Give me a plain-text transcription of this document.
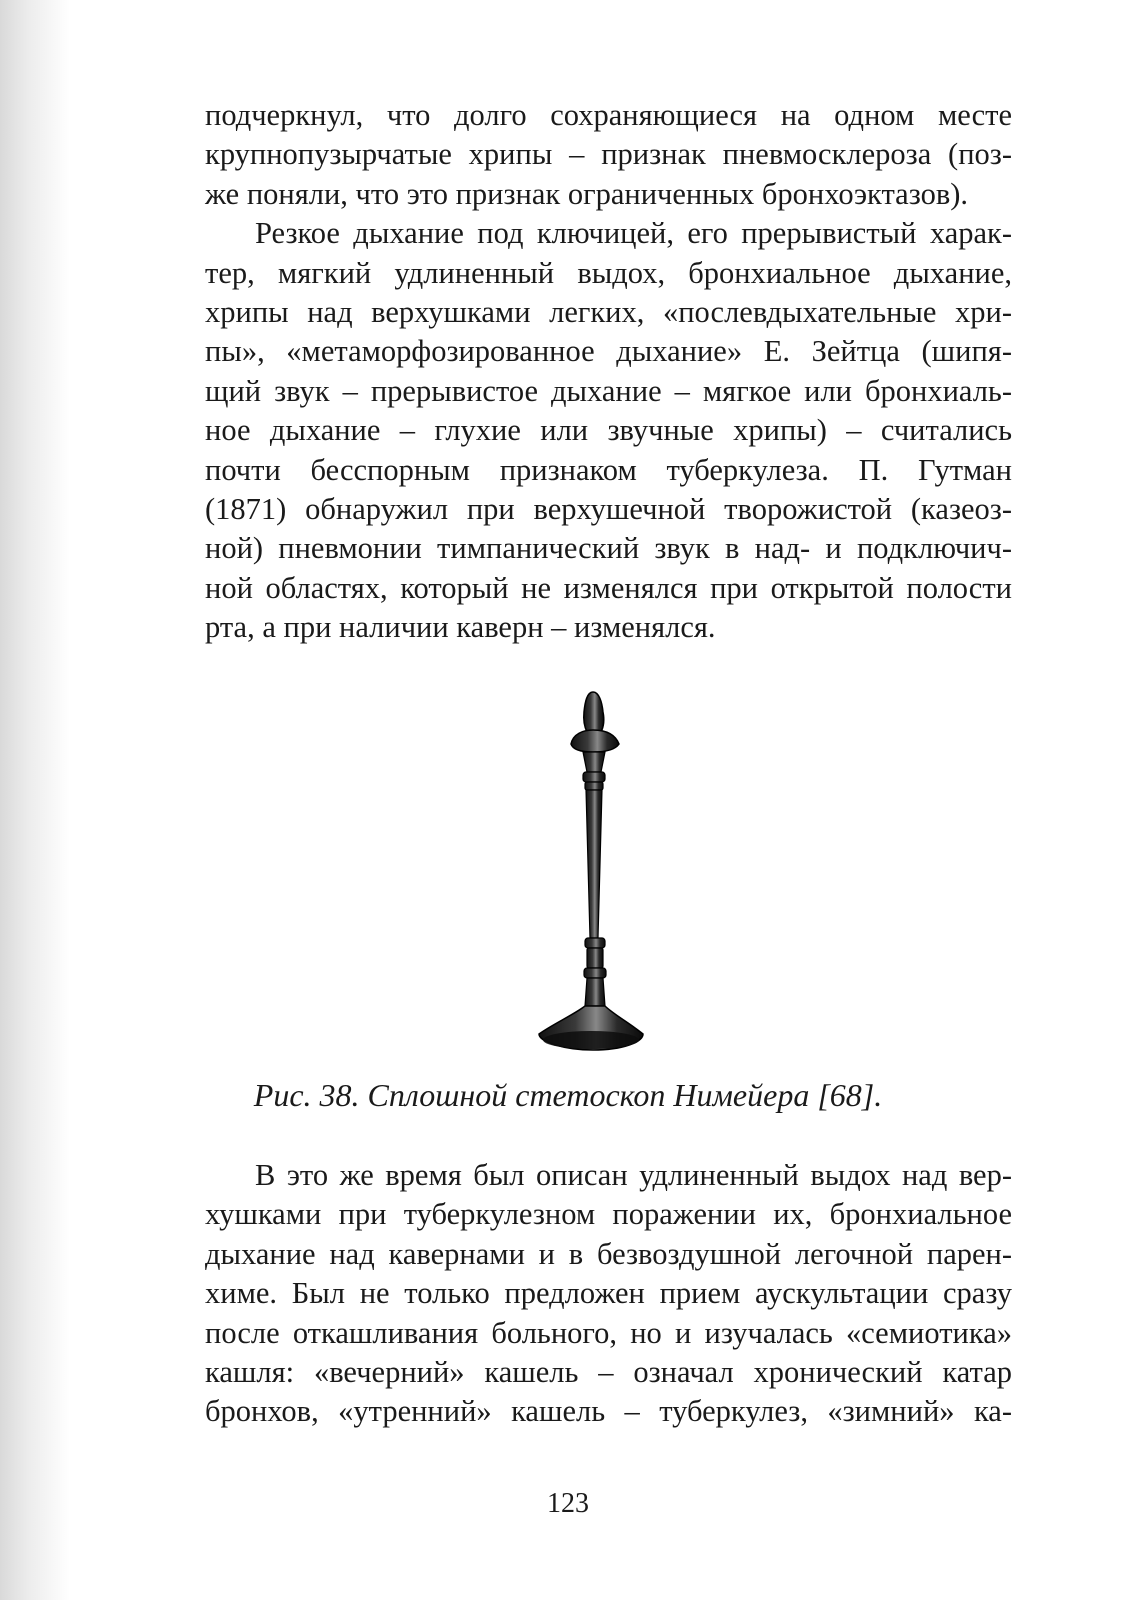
подчеркнул, что долго сохраняющиеся на одном месте
крупнопузырчатые хрипы – признак пневмосклероза (поз-
же поняли, что это признак ограниченных бронхоэктазов).
Резкое дыхание под ключицей, его прерывистый харак-
тер, мягкий удлиненный выдох, бронхиальное дыхание,
хрипы над верхушками легких, «послевдыхательные хри-
пы», «метаморфозированное дыхание» Е. Зейтца (шипя-
щий звук – прерывистое дыхание – мягкое или бронхиаль-
ное дыхание – глухие или звучные хрипы) – считались
почти бесспорным признаком туберкулеза. П. Гутман
(1871) обнаружил при верхушечной творожистой (казеоз-
ной) пневмонии тимпанический звук в над- и подключич-
ной областях, который не изменялся при открытой полости
рта, а при наличии каверн – изменялся.
Рис. 38. Сплошной стетоскоп Нимейера [68].
В это же время был описан удлиненный выдох над вер-
хушками при туберкулезном поражении их, бронхиальное
дыхание над кавернами и в безвоздушной легочной парен-
химе. Был не только предложен прием аускультации сразу
после откашливания больного, но и изучалась «семиотика»
кашля: «вечерний» кашель – означал хронический катар
бронхов, «утренний» кашель – туберкулез, «зимний» ка-
123
